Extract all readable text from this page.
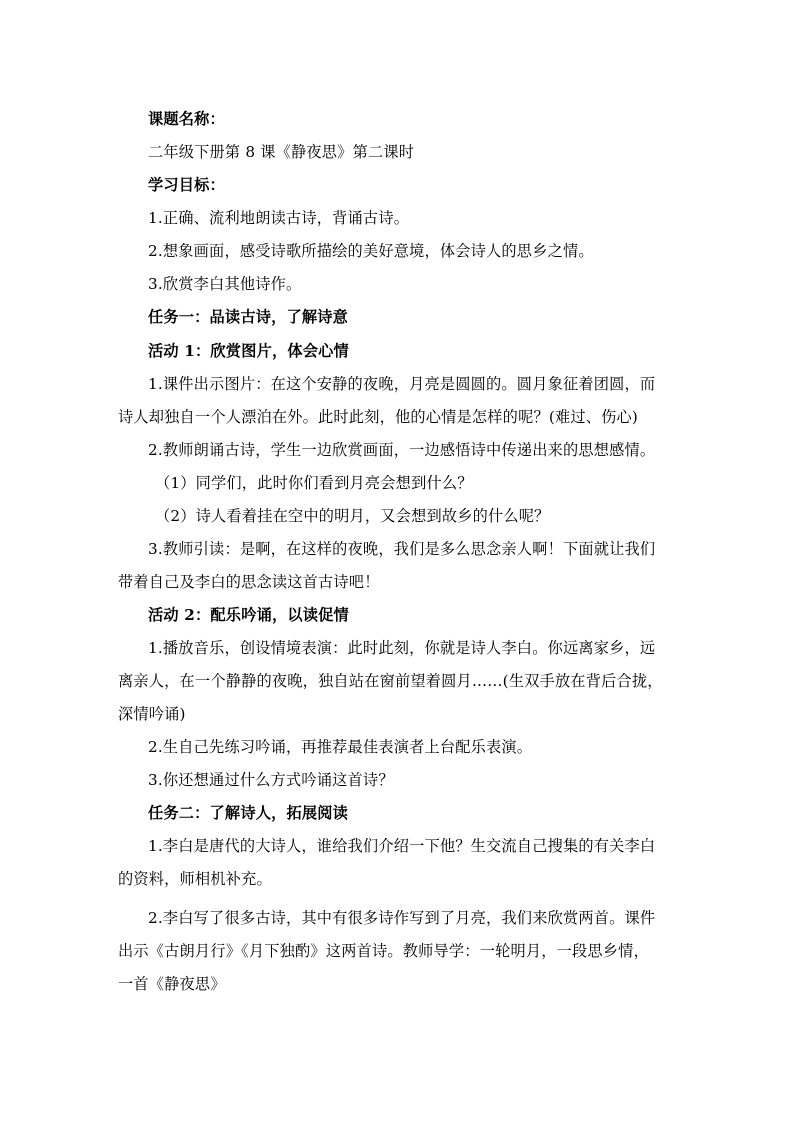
课题名称：
二年级下册第 8 课《静夜思》第二课时
学习目标：
1.正确、流利地朗读古诗，背诵古诗。
2.想象画面，感受诗歌所描绘的美好意境，体会诗人的思乡之情。
3.欣赏李白其他诗作。
任务一：品读古诗，了解诗意
活动 1：欣赏图片，体会心情
1.课件出示图片：在这个安静的夜晚，月亮是圆圆的。圆月象征着团圆，而
诗人却独自一个人漂泊在外。此时此刻，他的心情是怎样的呢？(难过、伤心)
2.教师朗诵古诗，学生一边欣赏画面，一边感悟诗中传递出来的思想感情。
（1）同学们，此时你们看到月亮会想到什么？
（2）诗人看着挂在空中的明月，又会想到故乡的什么呢？
3.教师引读：是啊，在这样的夜晚，我们是多么思念亲人啊！下面就让我们
带着自己及李白的思念读这首古诗吧！
活动 2：配乐吟诵，以读促情
1.播放音乐，创设情境表演：此时此刻，你就是诗人李白。你远离家乡，远
离亲人，在一个静静的夜晚，独自站在窗前望着圆月……(生双手放在背后合拢，
深情吟诵)
2.生自己先练习吟诵，再推荐最佳表演者上台配乐表演。
3.你还想通过什么方式吟诵这首诗？
任务二：了解诗人，拓展阅读
1.李白是唐代的大诗人，谁给我们介绍一下他？生交流自己搜集的有关李白
的资料，师相机补充。
2.李白写了很多古诗，其中有很多诗作写到了月亮，我们来欣赏两首。课件
出示《古朗月行》《月下独酌》这两首诗。教师导学：一轮明月，一段思乡情，
一首《静夜思》
